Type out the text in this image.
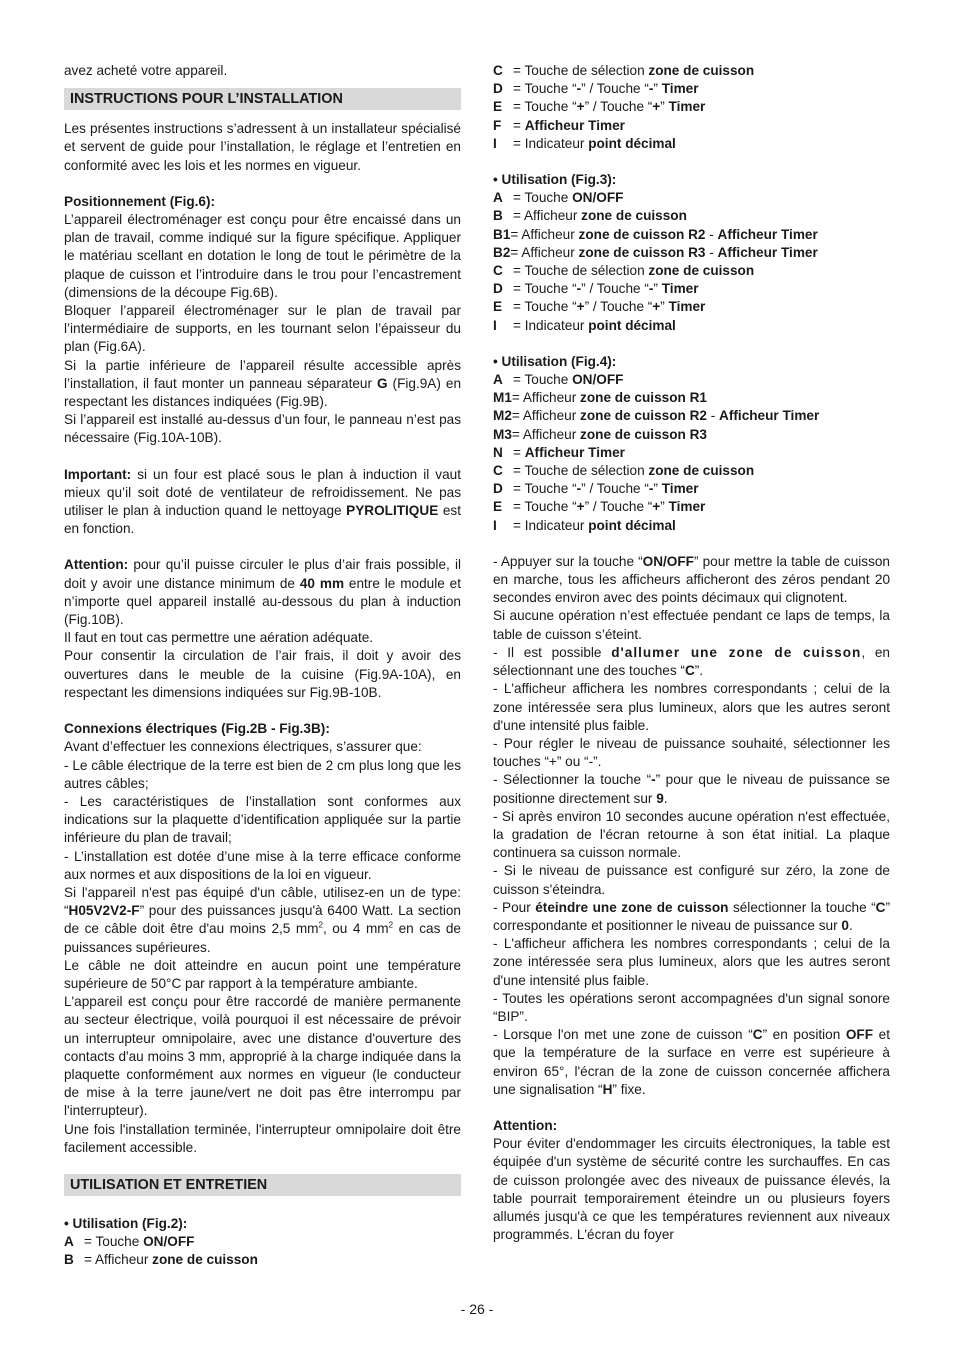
avez acheté votre appareil.

INSTRUCTIONS POUR L’INSTALLATION

Les présentes instructions s’adressent à un installateur spécialisé et servent de guide pour l’installation, le réglage et l’entretien en conformité avec les lois et les normes en vigueur.

Positionnement (Fig.6):

L’appareil électroménager est conçu pour être encaissé dans un plan de travail, comme indiqué sur la figure spécifique. Appliquer le matériau scellant en dotation le long de tout le périmètre de la plaque de cuisson et l’introduire dans le trou pour l’encastrement (dimensions de la découpe Fig.6B).

Bloquer l’appareil électroménager sur le plan de travail par l’intermédiaire de supports, en les tournant selon l’épaisseur du plan (Fig.6A).

Si la partie inférieure de l’appareil résulte accessible après l’installation, il faut monter un panneau séparateur G (Fig.9A) en respectant les distances indiquées (Fig.9B).

Si l’appareil est installé au-dessus d’un four, le panneau n’est pas nécessaire (Fig.10A-10B).

Important: si un four est placé sous le plan à induction il vaut mieux qu’il soit doté de ventilateur de refroidissement. Ne pas utiliser le plan à induction quand le nettoyage PYROLITIQUE est en fonction.

Attention: pour qu’il puisse circuler le plus d’air frais possible, il doit y avoir une distance minimum de 40 mm entre le module et n’importe quel appareil installé au-dessous du plan à induction (Fig.10B).

Il faut en tout cas permettre une aération adéquate.

Pour consentir la circulation de l’air frais, il doit y avoir des ouvertures dans le meuble de la cuisine (Fig.9A-10A), en respectant les dimensions indiquées sur Fig.9B-10B.

Connexions électriques (Fig.2B - Fig.3B):

Avant d’effectuer les connexions électriques, s’assurer que:

- Le câble électrique de la terre est bien de 2 cm plus long que les autres câbles;

- Les caractéristiques de l’installation sont conformes aux indications sur la plaquette d’identification appliquée sur la partie inférieure du plan de travail;

- L’installation est dotée d’une mise à la terre efficace conforme aux normes et aux dispositions de la loi en vigueur.

Si l'appareil n'est pas équipé d'un câble, utilisez-en un de type: “H05V2V2-F” pour des puissances jusqu'à 6400 Watt. La section de ce câble doit être d'au moins 2,5 $mm^2$, ou 4 $mm^2$ en cas de puissances supérieures.

Le câble ne doit atteindre en aucun point une température supérieure de 50°C par rapport à la température ambiante.

L'appareil est conçu pour être raccordé de manière permanente au secteur électrique, voilà pourquoi il est nécessaire de prévoir un interrupteur omnipolaire, avec une distance d'ouverture des contacts d'au moins 3 mm, approprié à la charge indiquée dans la plaquette conformément aux normes en vigueur (le conducteur de mise à la terre jaune/vert ne doit pas être interrompu par l'interrupteur).

Une fois l'installation terminée, l'interrupteur omnipolaire doit être facilement accessible.

UTILISATION ET ENTRETIEN

• Utilisation (Fig.2):

A = Touche ON/OFF
B = Afficheur zone de cuisson
C = Touche de sélection zone de cuisson
D = Touche “-” / Touche “-” Timer
E = Touche “+” / Touche “+” Timer
F = Afficheur Timer
I	= Indicateur point décimal

• Utilisation (Fig.3):

A = Touche ON/OFF
B = Afficheur zone de cuisson
B1 = Afficheur zone de cuisson R2 - Afficheur Timer
B2 = Afficheur zone de cuisson R3 - Afficheur Timer
C = Touche de sélection zone de cuisson
D = Touche “-” / Touche “-” Timer
E = Touche “+” / Touche “+” Timer
I	= Indicateur point décimal

• Utilisation (Fig.4):

A = Touche ON/OFF
M1 = Afficheur zone de cuisson R1
M2 = Afficheur zone de cuisson R2 - Afficheur Timer
M3 = Afficheur zone de cuisson R3
N = Afficheur Timer
C = Touche de sélection zone de cuisson
D = Touche “-” / Touche “-” Timer
E = Touche “+” / Touche “+” Timer
I	= Indicateur point décimal

- Appuyer sur la touche “ON/OFF” pour mettre la table de cuisson en marche, tous les afficheurs afficheront des zéros pendant 20 secondes environ avec des points décimaux qui clignotent.

Si aucune opération n’est effectuée pendant ce laps de temps, la table de cuisson s’éteint.

- Il est possible d'allumer une zone de cuisson, en sélectionnant une des touches “C”.

- L'afficheur affichera les nombres correspondants ; celui de la zone intéressée sera plus lumineux, alors que les autres seront d'une intensité plus faible.

- Pour régler le niveau de puissance souhaité, sélectionner les touches “+” ou “-”.

- Sélectionner la touche “-” pour que le niveau de puissance se positionne directement sur 9.

- Si après environ 10 secondes aucune opération n'est effectuée, la gradation de l'écran retourne à son état initial. La plaque continuera sa cuisson normale.

- Si le niveau de puissance est configuré sur zéro, la zone de cuisson s'éteindra.

- Pour éteindre une zone de cuisson sélectionner la touche “C” correspondante et positionner le niveau de puissance sur 0.

- L'afficheur affichera les nombres correspondants ; celui de la zone intéressée sera plus lumineux, alors que les autres seront d'une intensité plus faible.

- Toutes les opérations seront accompagnées d'un signal sonore “BIP”.

- Lorsque l'on met une zone de cuisson “C” en position OFF et que la température de la surface en verre est supérieure à environ 65°, l'écran de la zone de cuisson concernée affichera une signalisation “H” fixe.

Attention:

Pour éviter d'endommager les circuits électroniques, la table est équipée d'un système de sécurité contre les surchauffes. En cas de cuisson prolongée avec des niveaux de puissance élevés, la table pourrait temporairement éteindre un ou plusieurs foyers allumés jusqu'à ce que les températures reviennent aux niveaux programmés. L'écran du foyer

- 26 -
